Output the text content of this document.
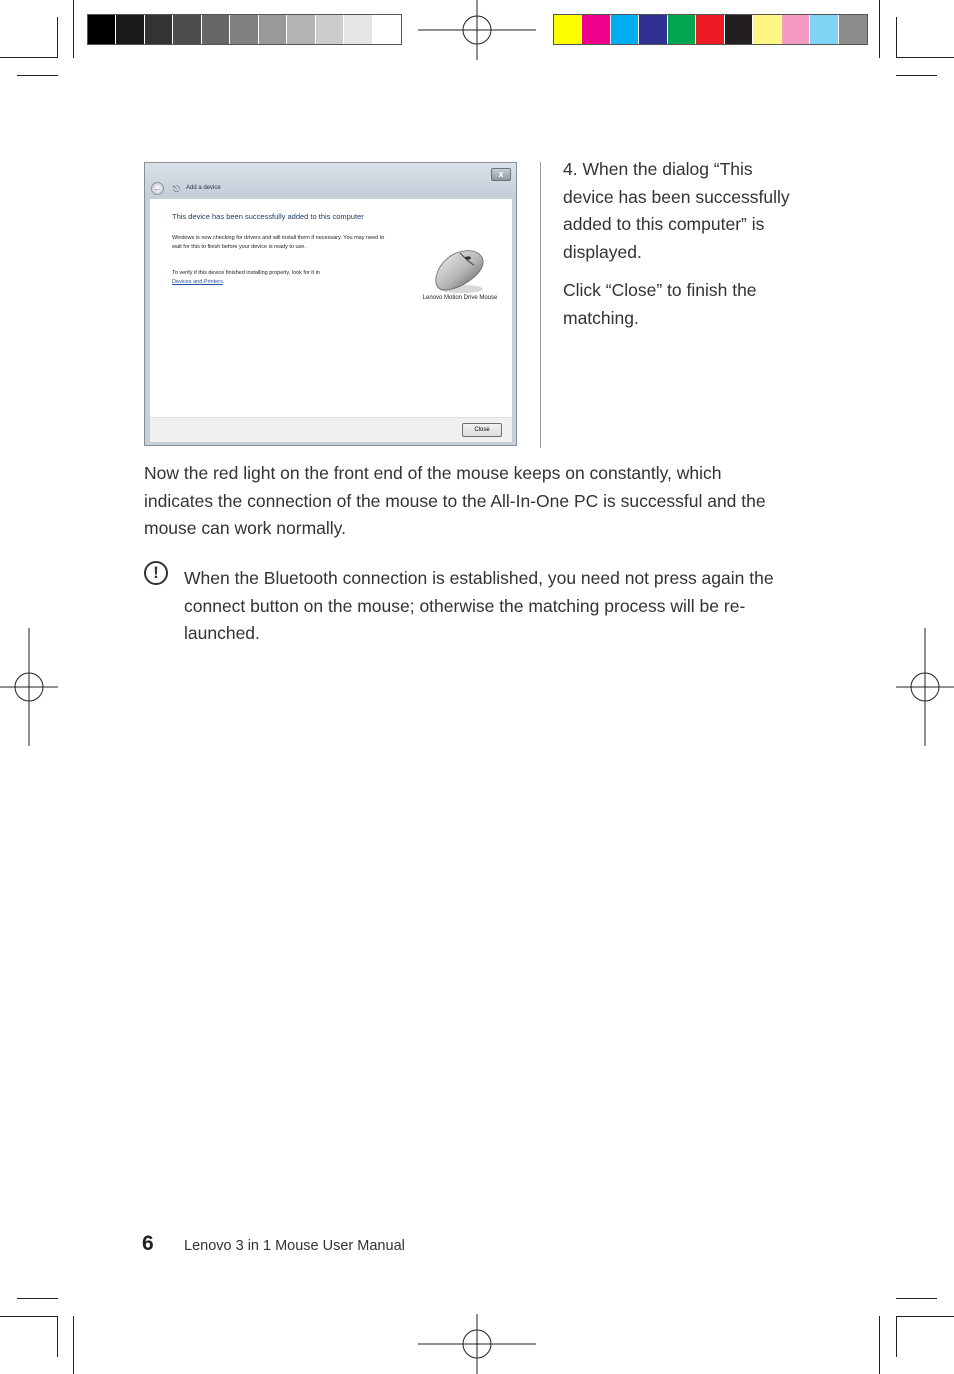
x
← ⎋ Add a device
This device has been successfully added to this computer
Windows is now checking for drivers and will install them if necessary. You may need to wait for this to finish before your device is ready to use.
To verify if this device finished installing properly, look for it in
Devices and Printers.
Lenovo Motion Drive Mouse
Close
4. When the dialog “This device has been successfully added to this computer” is displayed.
Click “Close” to finish the matching.
Now the red light on the front end of the mouse keeps on constantly, which indicates the connection of the mouse to the All-In-One PC is successful and the mouse can work normally.
!	When the Bluetooth connection is established, you need not press again the connect button on the mouse; otherwise the matching process will be re-launched.
6 Lenovo 3 in 1 Mouse User Manual
